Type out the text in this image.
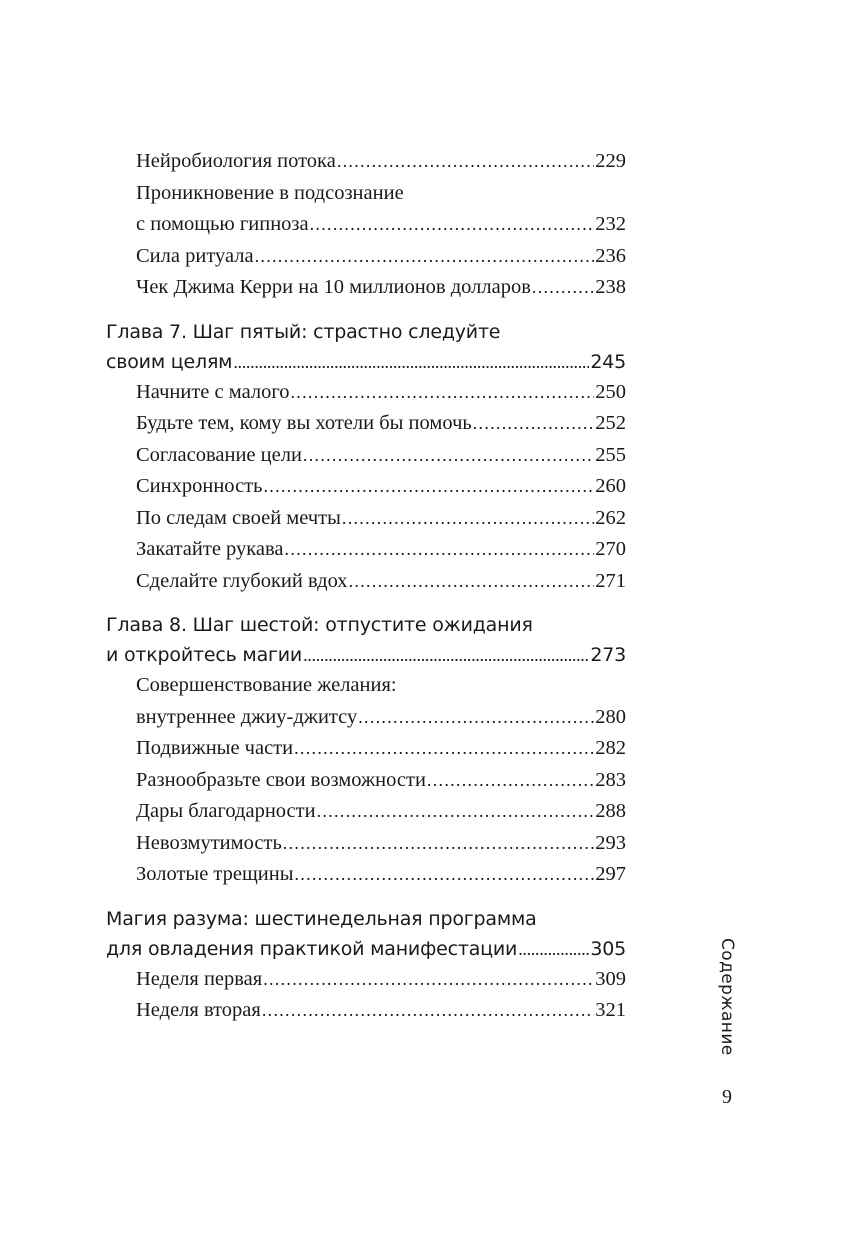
Нейробиология потока . . .	229
Проникновение в подсознание
с помощью гипноза . . .	232
Сила ритуала . . .	236
Чек Джима Керри на 10 миллионов долларов . . .	238
Глава 7. Шаг пятый: страстно следуйте
своим целям . . .	245
Начните с малого . . .	250
Будьте тем, кому вы хотели бы помочь . . .	252
Согласование цели . . .	255
Синхронность . . .	260
По следам своей мечты . . .	262
Закатайте рукава . . .	270
Сделайте глубокий вдох . . .	271
Глава 8. Шаг шестой: отпустите ожидания
и откройтесь магии . . .	273
Совершенствование желания:
внутреннее джиу-джитсу . . .	280
Подвижные части . . .	282
Разнообразьте свои возможности . . .	283
Дары благодарности . . .	288
Невозмутимость . . .	293
Золотые трещины . . .	297
Магия разума: шестинедельная программа
для овладения практикой манифестации . . .	305
Неделя первая . . .	309
Неделя вторая . . .	321	Содержание
9
